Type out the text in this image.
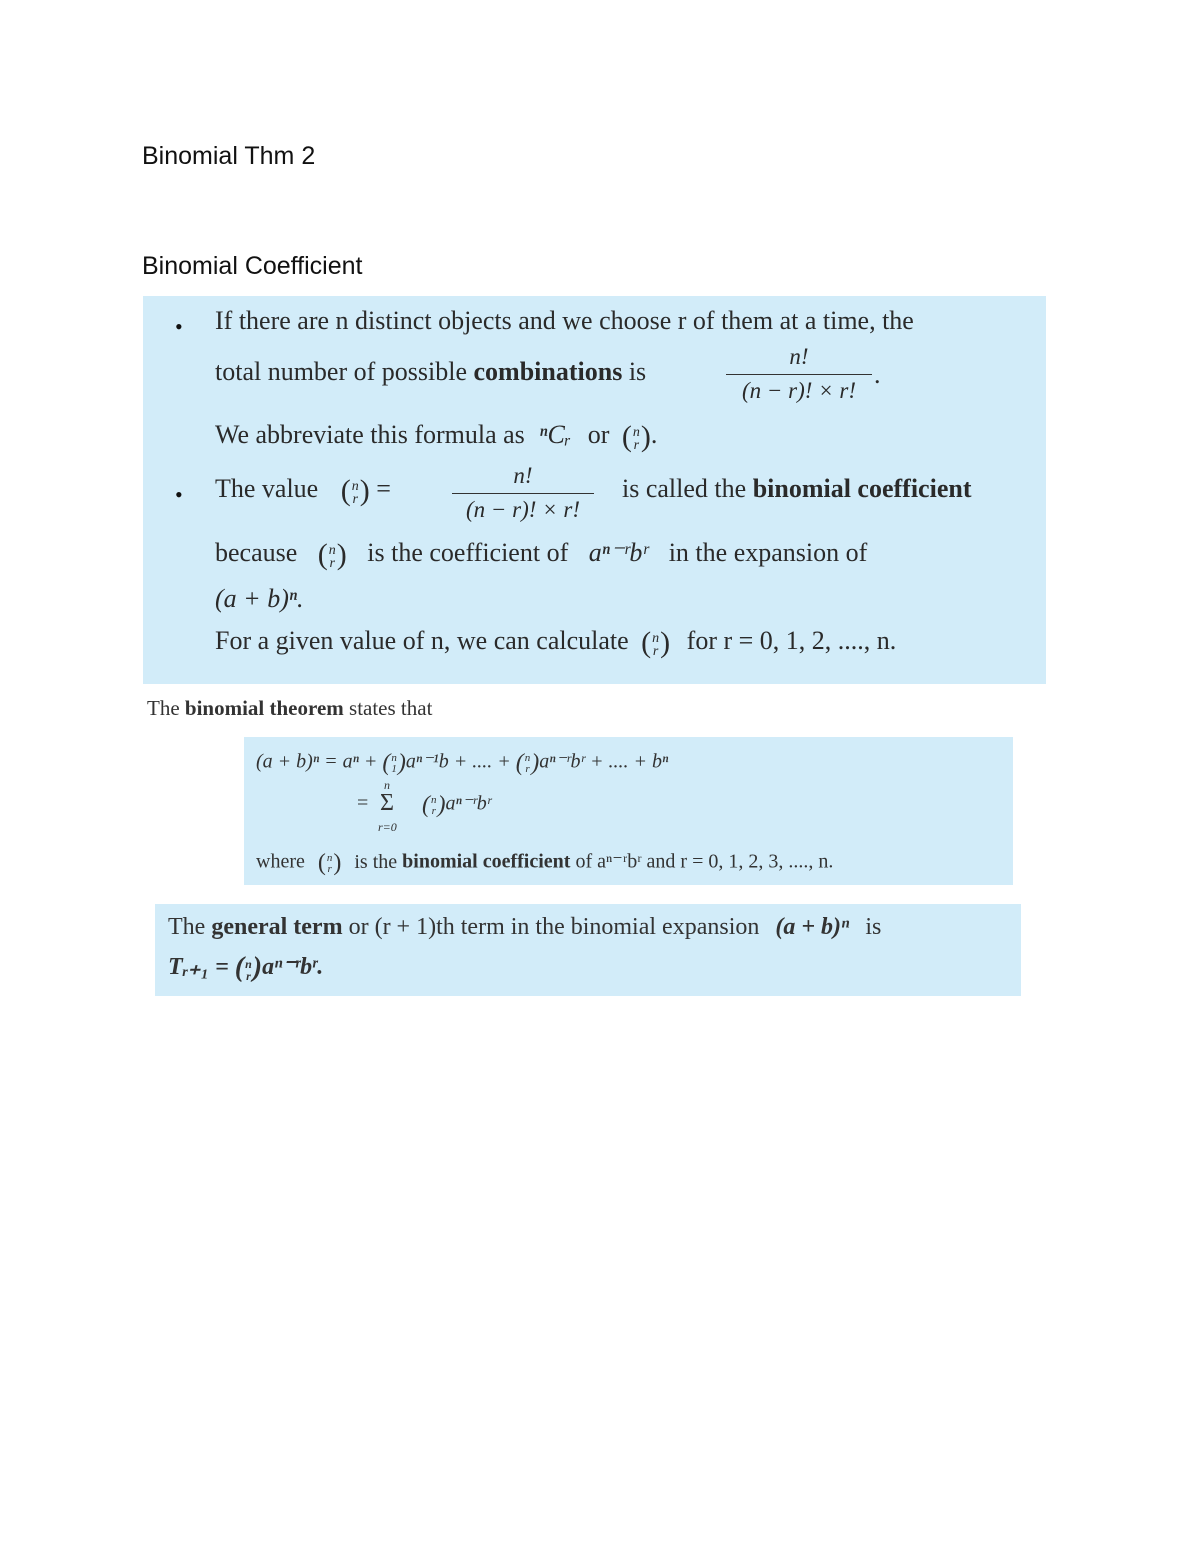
Binomial Thm 2
Binomial Coefficient
• If there are n distinct objects and we choose r of them at a time, the
total number of possible combinations is
n!
(n − r)! × r!
.
We abbreviate this formula as ⁿCᵣ or ( n
r ).
• The value ( n
r ) =	n!
(n − r)! × r!
is called the binomial coefficient
because ( n
r ) is the coefficient of aⁿ⁻ʳbʳ in the expansion of
(a + b)ⁿ.
For a given value of n, we can calculate ( n
r ) for r = 0, 1, 2, ...., n.
The binomial theorem states that
(a + b)ⁿ = aⁿ + ( n
1 )aⁿ⁻¹b + .... + ( n
r )aⁿ⁻ʳbʳ + .... + bⁿ
=
n
Σ
r=0
( n
r )aⁿ⁻ʳbʳ
where ( n
r ) is the binomial coefficient of aⁿ⁻ʳbʳ and r = 0, 1, 2, 3, ...., n.
The general term or (r + 1)th term in the binomial expansion (a + b)ⁿ is
Tᵣ₊₁ = ( n
r )aⁿ⁻ʳbʳ.
